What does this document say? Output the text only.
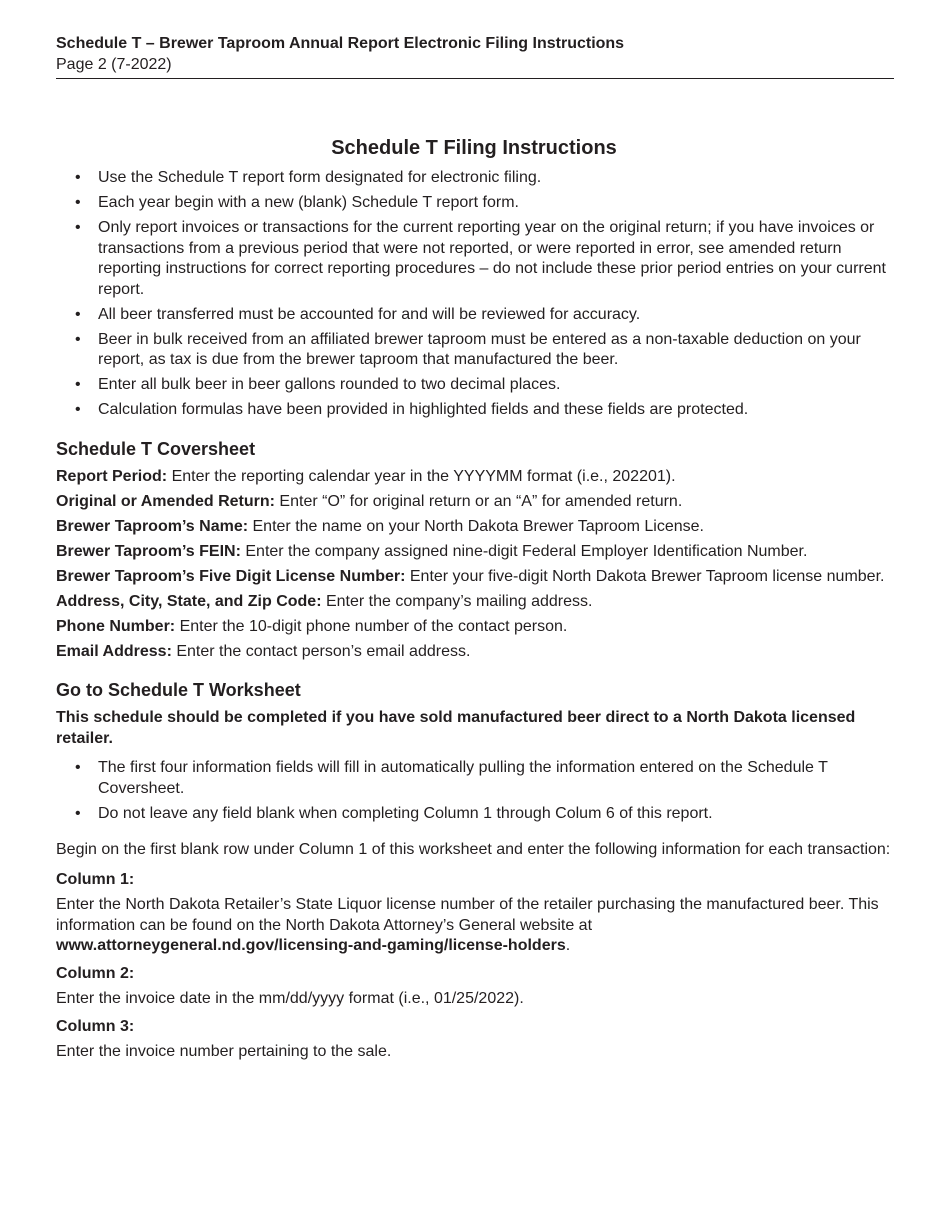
Schedule T – Brewer Taproom Annual Report Electronic Filing Instructions
Page 2 (7-2022)
Schedule T Filing Instructions
• Use the Schedule T report form designated for electronic filing.
• Each year begin with a new (blank) Schedule T report form.
• Only report invoices or transactions for the current reporting year on the original return; if you have invoices or transactions from a previous period that were not reported, or were reported in error, see amended return reporting instructions for correct reporting procedures – do not include these prior period entries on your current report.
• All beer transferred must be accounted for and will be reviewed for accuracy.
• Beer in bulk received from an affiliated brewer taproom must be entered as a non-taxable deduction on your report, as tax is due from the brewer taproom that manufactured the beer.
• Enter all bulk beer in beer gallons rounded to two decimal places.
• Calculation formulas have been provided in highlighted fields and these fields are protected.
Schedule T Coversheet

Report Period: Enter the reporting calendar year in the YYYYMM format (i.e., 202201).

Original or Amended Return: Enter “O” for original return or an “A” for amended return.

Brewer Taproom’s Name: Enter the name on your North Dakota Brewer Taproom License.

Brewer Taproom’s FEIN: Enter the company assigned nine-digit Federal Employer Identification Number.

Brewer Taproom’s Five Digit License Number: Enter your five-digit North Dakota Brewer Taproom license number.

Address, City, State, and Zip Code: Enter the company’s mailing address.

Phone Number: Enter the 10-digit phone number of the contact person.

Email Address: Enter the contact person’s email address.

Go to Schedule T Worksheet

This schedule should be completed if you have sold manufactured beer direct to a North Dakota licensed retailer.

• The first four information fields will fill in automatically pulling the information entered on the Schedule T Coversheet.
• Do not leave any field blank when completing Column 1 through Colum 6 of this report.

Begin on the first blank row under Column 1 of this worksheet and enter the following information for each transaction:

Column 1:

Enter the North Dakota Retailer’s State Liquor license number of the retailer purchasing the manufactured beer. This information can be found on the North Dakota Attorney’s General website at www.attorneygeneral.nd.gov/licensing-and-gaming/license-holders.

Column 2:

Enter the invoice date in the mm/dd/yyyy format (i.e., 01/25/2022).

Column 3:

Enter the invoice number pertaining to the sale.
